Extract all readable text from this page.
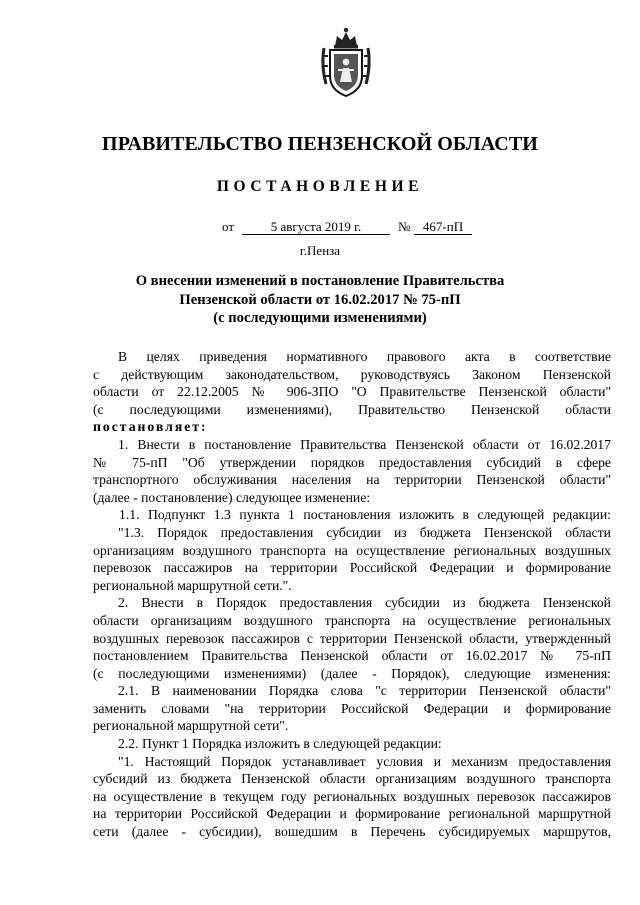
ПРАВИТЕЛЬСТВО ПЕНЗЕНСКОЙ ОБЛАСТИ
ПОСТАНОВЛЕНИЕ
от	5 августа 2019 г.	№ 467-пП
г.Пенза
О внесении изменений в постановление Правительства
Пензенской области от 16.02.2017 № 75-пП
(с последующими изменениями)
В целях приведения нормативного правового акта в соответствие
с действующим законодательством, руководствуясь Законом Пензенской
области от 22.12.2005 № 906-ЗПО "О Правительстве Пензенской области"
(с последующими изменениями), Правительство Пензенской области
постановляет:
1. Внести в постановление Правительства Пензенской области от 16.02.2017
№ 75-пП "Об утверждении порядков предоставления субсидий в сфере
транспортного обслуживания населения на территории Пензенской области"
(далее - постановление) следующее изменение:
1.1. Подпункт 1.3 пункта 1 постановления изложить в следующей редакции:
"1.3. Порядок предоставления субсидии из бюджета Пензенской области
организациям воздушного транспорта на осуществление региональных воздушных
перевозок пассажиров на территории Российской Федерации и формирование
региональной маршрутной сети.".
2. Внести в Порядок предоставления субсидии из бюджета Пензенской
области организациям воздушного транспорта на осуществление региональных
воздушных перевозок пассажиров с территории Пензенской области, утвержденный
постановлением Правительства Пензенской области от 16.02.2017 № 75-пП
(с последующими изменениями) (далее - Порядок), следующие изменения:
2.1. В наименовании Порядка слова "с территории Пензенской области"
заменить словами "на территории Российской Федерации и формирование
региональной маршрутной сети".
2.2. Пункт 1 Порядка изложить в следующей редакции:
"1. Настоящий Порядок устанавливает условия и механизм предоставления
субсидий из бюджета Пензенской области организациям воздушного транспорта
на осуществление в текущем году региональных воздушных перевозок пассажиров
на территории Российской Федерации и формирование региональной маршрутной
сети (далее - субсидии), вошедшим в Перечень субсидируемых маршрутов,
